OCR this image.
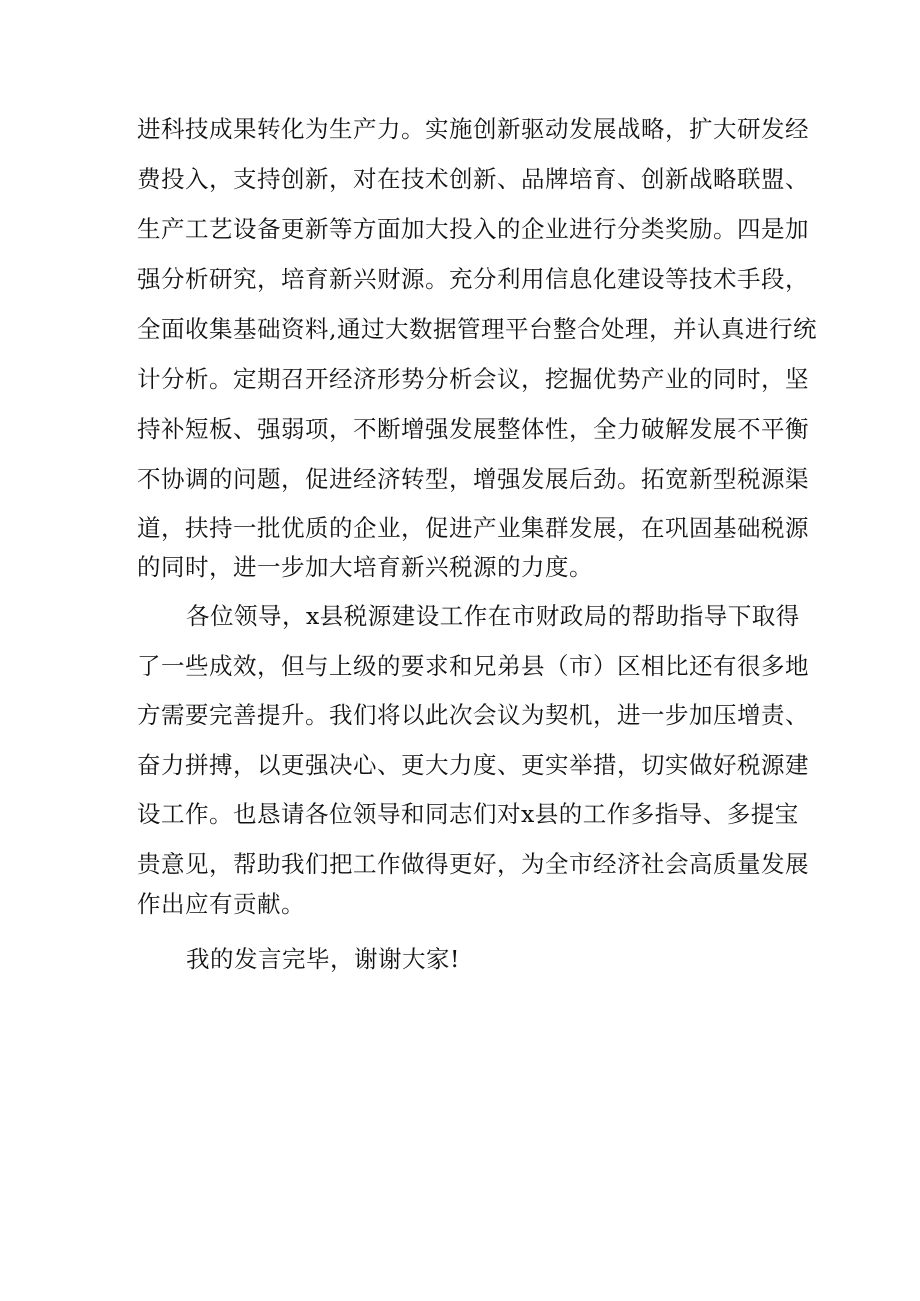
进科技成果转化为生产力。实施创新驱动发展战略，扩大研发经
费投入，支持创新，对在技术创新、品牌培育、创新战略联盟、
生产工艺设备更新等方面加大投入的企业进行分类奖励。四是加
强分析研究，培育新兴财源。充分利用信息化建设等技术手段，
全面收集基础资料,通过大数据管理平台整合处理，并认真进行统
计分析。定期召开经济形势分析会议，挖掘优势产业的同时，坚
持补短板、强弱项，不断增强发展整体性，全力破解发展不平衡
不协调的问题，促进经济转型，增强发展后劲。拓宽新型税源渠
道，扶持一批优质的企业，促进产业集群发展，在巩固基础税源
的同时，进一步加大培育新兴税源的力度。
各位领导，x县税源建设工作在市财政局的帮助指导下取得
了一些成效，但与上级的要求和兄弟县（市）区相比还有很多地
方需要完善提升。我们将以此次会议为契机，进一步加压增责、
奋力拼搏，以更强决心、更大力度、更实举措，切实做好税源建
设工作。也恳请各位领导和同志们对x县的工作多指导、多提宝
贵意见，帮助我们把工作做得更好，为全市经济社会高质量发展
作出应有贡献。
我的发言完毕，谢谢大家!
